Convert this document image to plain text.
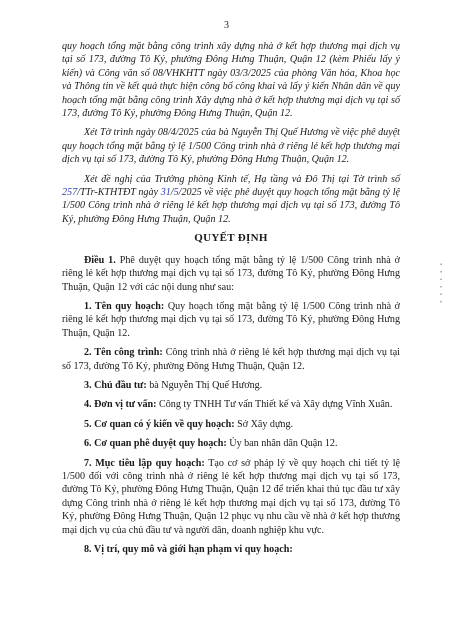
3

quy hoạch tổng mặt bằng công trình xây dựng nhà ở kết hợp thương mại dịch vụ tại số 173, đường Tô Ký, phường Đông Hưng Thuận, Quận 12 (kèm Phiếu lấy ý kiến) và Công văn số 08/VHKHTT ngày 03/3/2025 của phòng Văn hóa, Khoa học và Thông tin về kết quả thực hiện công bố công khai và lấy ý kiến Nhân dân về quy hoạch tổng mặt bằng công trình Xây dựng nhà ở kết hợp thương mại dịch vụ tại số 173, đường Tô Ký, phường Đông Hưng Thuận, Quận 12.

Xét Tờ trình ngày 08/4/2025 của bà Nguyễn Thị Quế Hương về việc phê duyệt quy hoạch tổng mặt bằng tỷ lệ 1/500 Công trình nhà ở riêng lẻ kết hợp thương mại dịch vụ tại số 173, đường Tô Ký, phường Đông Hưng Thuận, Quận 12.

Xét đề nghị của Trưởng phòng Kinh tế, Hạ tầng và Đô Thị tại Tờ trình số 257/TTr-KTHTĐT ngày 31/5/2025 về việc phê duyệt quy hoạch tổng mặt bằng tỷ lệ 1/500 Công trình nhà ở riêng lẻ kết hợp thương mại dịch vụ tại số 173, đường Tô Ký, phường Đông Hưng Thuận, Quận 12.

QUYẾT ĐỊNH

Điều 1. Phê duyệt quy hoạch tổng mặt bằng tỷ lệ 1/500 Công trình nhà ở riêng lẻ kết hợp thương mại dịch vụ tại số 173, đường Tô Ký, phường Đông Hưng Thuận, Quận 12 với các nội dung như sau:

1. Tên quy hoạch: Quy hoạch tổng mặt bằng tỷ lệ 1/500 Công trình nhà ở riêng lẻ kết hợp thương mại dịch vụ tại số 173, đường Tô Ký, phường Đông Hưng Thuận, Quận 12.

2. Tên công trình: Công trình nhà ở riêng lẻ kết hợp thương mại dịch vụ tại số 173, đường Tô Ký, phường Đông Hưng Thuận, Quận 12.

3. Chủ đầu tư: bà Nguyễn Thị Quế Hương.

4. Đơn vị tư vấn: Công ty TNHH Tư vấn Thiết kế và Xây dựng Vĩnh Xuân.

5. Cơ quan có ý kiến về quy hoạch: Sở Xây dựng.

6. Cơ quan phê duyệt quy hoạch: Ủy ban nhân dân Quận 12.

7. Mục tiêu lập quy hoạch: Tạo cơ sở pháp lý về quy hoạch chi tiết tỷ lệ 1/500 đối với công trình nhà ở riêng lẻ kết hợp thương mại dịch vụ tại số 173, đường Tô Ký, phường Đông Hưng Thuận, Quận 12 để triển khai thủ tục đầu tư xây dựng Công trình nhà ở riêng lẻ kết hợp thương mại dịch vụ tại số 173, đường Tô Ký, phường Đông Hưng Thuận, Quận 12 phục vụ nhu cầu về nhà ở kết hợp thương mại dịch vụ của chủ đầu tư và người dân, doanh nghiệp khu vực.

8. Vị trí, quy mô và giới hạn phạm vi quy hoạch:

▪ ▪ ▪ ▪ ▪ ▪
